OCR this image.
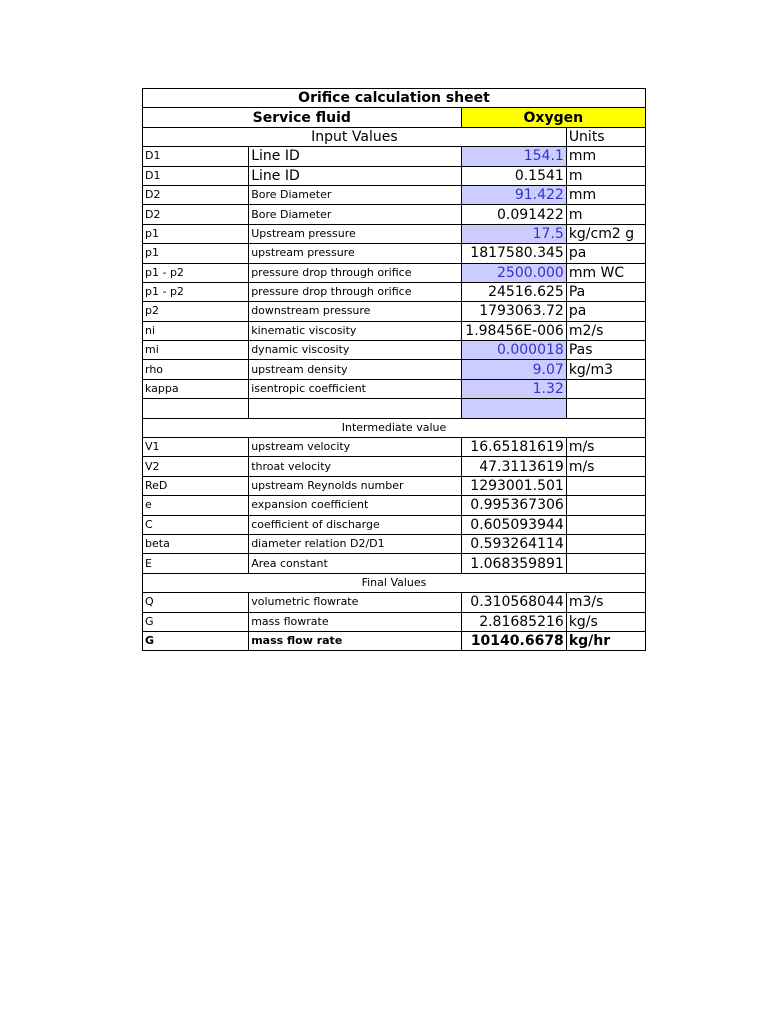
Orifice calculation sheet			
Service fluid		Oxygen	
Input Values			Units
D1	Line ID	154.1	mm
D1	Line ID	0.1541	m
D2	Bore Diameter	91.422	mm
D2	Bore Diameter	0.091422	m
p1	Upstream pressure	17.5	kg/cm2 g
p1	upstream pressure	1817580.345	pa
p1 - p2	pressure drop through orifice	2500.000	mm WC
p1 - p2	pressure drop through orifice	24516.625	Pa
p2	downstream pressure	1793063.72	pa
ni	kinematic viscosity	1.98456E-006	m2/s
mi	dynamic viscosity	0.000018	Pas
rho	upstream density	9.07	kg/m3
kappa	isentropic coefficient	1.32	

Intermediate value			
V1	upstream velocity	16.65181619	m/s
V2	throat velocity	47.3113619	m/s
ReD	upstream Reynolds number	1293001.501	
e	expansion coefficient	0.995367306	
C	coefficient of discharge	0.605093944	
beta	diameter relation D2/D1	0.593264114	
E	Area constant	1.068359891	
Final Values			
Q	volumetric flowrate	0.310568044	m3/s
G	mass flowrate	2.81685216	kg/s
G	mass flow rate	10140.6678	kg/hr
